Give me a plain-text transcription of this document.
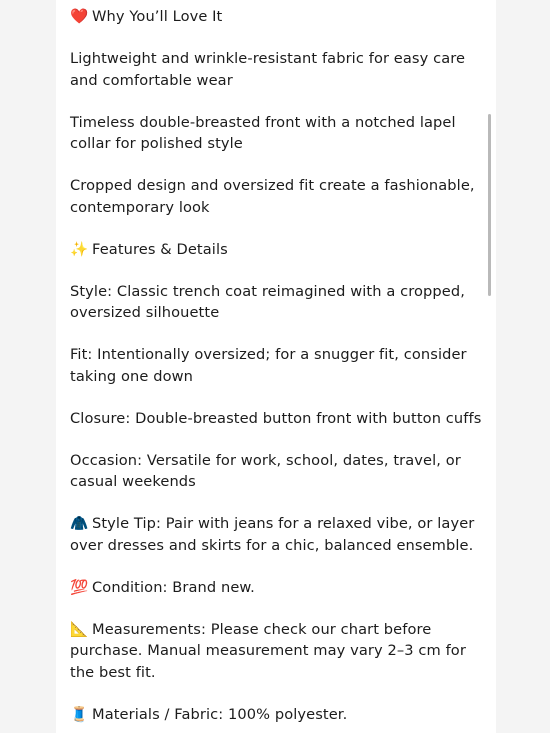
❤️ Why You’ll Love It

Lightweight and wrinkle-resistant fabric for easy care and comfortable wear

Timeless double-breasted front with a notched lapel collar for polished style

Cropped design and oversized fit create a fashionable, contemporary look

✨ Features & Details

Style: Classic trench coat reimagined with a cropped, oversized silhouette

Fit: Intentionally oversized; for a snugger fit, consider taking one down

Closure: Double-breasted button front with button cuffs

Occasion: Versatile for work, school, dates, travel, or casual weekends

🧥 Style Tip: Pair with jeans for a relaxed vibe, or layer over dresses and skirts for a chic, balanced ensemble.

💯 Condition: Brand new.

📐 Measurements: Please check our chart before purchase. Manual measurement may vary 2–3 cm for the best fit.

🧵 Materials / Fabric: 100% polyester.
